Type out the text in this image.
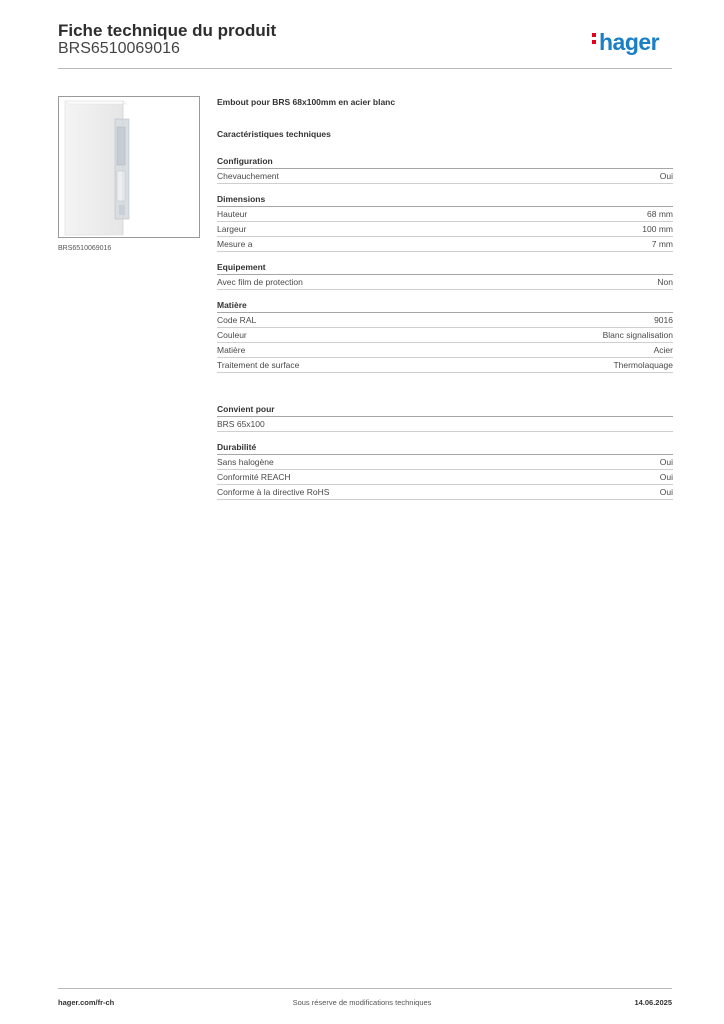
Fiche technique du produit
BRS6510069016	hager
BRS6510069016
Embout pour BRS 68x100mm en acier blanc
Caractéristiques techniques
Configuration
Chevauchement	Oui
Dimensions
Hauteur	68 mm
Largeur	100 mm
Mesure a	7 mm
Equipement
Avec film de protection	Non
Matière
Code RAL	9016
Couleur	Blanc signalisation
Matière	Acier
Traitement de surface	Thermolaquage
Convient pour
BRS 65x100
Durabilité
Sans halogène	Oui
Conformité REACH	Oui
Conforme à la directive RoHS	Oui
hager.com/fr-ch	Sous réserve de modifications techniques	14.06.2025
